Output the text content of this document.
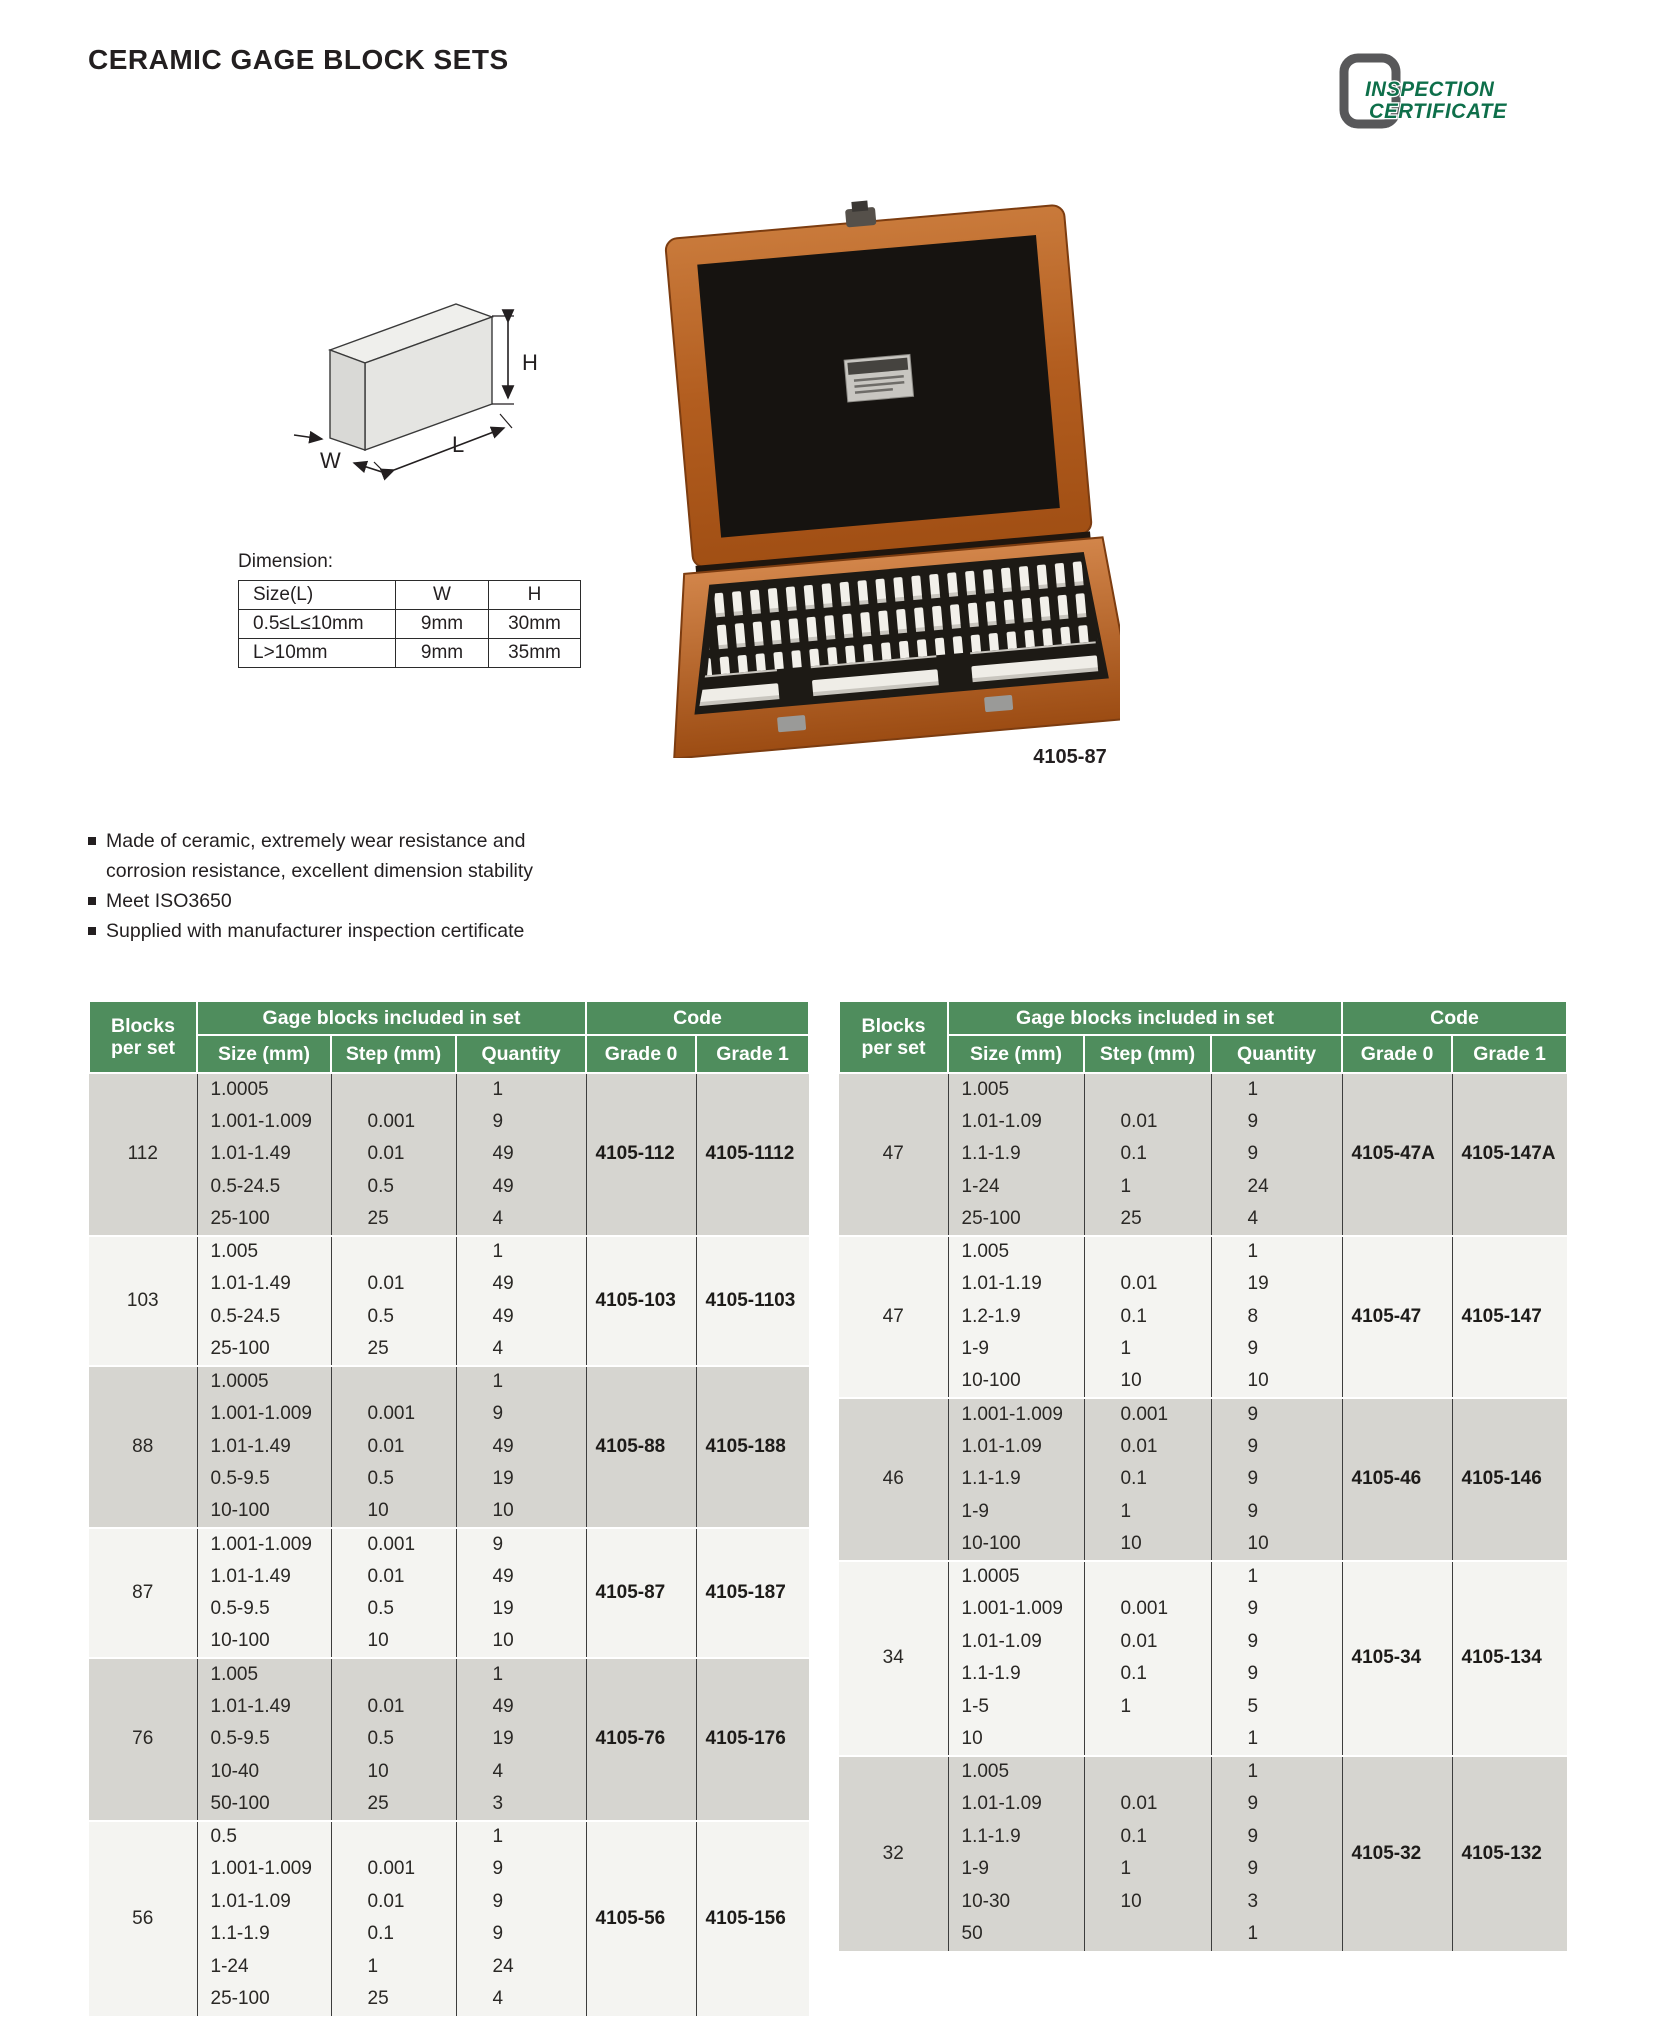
CERAMIC GAGE BLOCK SETS
INSPECTION
CERTIFICATE
H
L
W
Dimension:
Size(L)	W	H
0.5≤L≤10mm	9mm	30mm
L>10mm	9mm	35mm
4105-87
Made of ceramic, extremely wear resistance and corrosion resistance, excellent dimension stability
Meet ISO3650
Supplied with manufacturer inspection certificate
Blocks per set	Gage blocks included in set			Code	
	Size (mm)	Step (mm)	Quantity	Grade 0	Grade 1
112	1.0005		1	4105-112	4105-1112
	1.001-1.009	0.001	9		
	1.01-1.49	0.01	49		
	0.5-24.5	0.5	49		
	25-100	25	4		
103	1.005		1	4105-103	4105-1103
	1.01-1.49	0.01	49		
	0.5-24.5	0.5	49		
	25-100	25	4		
88	1.0005		1	4105-88	4105-188
	1.001-1.009	0.001	9		
	1.01-1.49	0.01	49		
	0.5-9.5	0.5	19		
	10-100	10	10		
87	1.001-1.009	0.001	9	4105-87	4105-187
	1.01-1.49	0.01	49		
	0.5-9.5	0.5	19		
	10-100	10	10		
76	1.005		1	4105-76	4105-176
	1.01-1.49	0.01	49		
	0.5-9.5	0.5	19		
	10-40	10	4		
	50-100	25	3		
56	0.5		1	4105-56	4105-156
	1.001-1.009	0.001	9		
	1.01-1.09	0.01	9		
	1.1-1.9	0.1	9		
	1-24	1	24		
	25-100	25	4		
Blocks per set	Gage blocks included in set			Code	
	Size (mm)	Step (mm)	Quantity	Grade 0	Grade 1
47	1.005		1	4105-47A	4105-147A
	1.01-1.09	0.01	9		
	1.1-1.9	0.1	9		
	1-24	1	24		
	25-100	25	4		
47	1.005		1	4105-47	4105-147
	1.01-1.19	0.01	19		
	1.2-1.9	0.1	8		
	1-9	1	9		
	10-100	10	10		
46	1.001-1.009	0.001	9	4105-46	4105-146
	1.01-1.09	0.01	9		
	1.1-1.9	0.1	9		
	1-9	1	9		
	10-100	10	10		
34	1.0005		1	4105-34	4105-134
	1.001-1.009	0.001	9		
	1.01-1.09	0.01	9		
	1.1-1.9	0.1	9		
	1-5	1	5		
	10		1		
32	1.005		1	4105-32	4105-132
	1.01-1.09	0.01	9		
	1.1-1.9	0.1	9		
	1-9	1	9		
	10-30	10	3		
	50		1		
